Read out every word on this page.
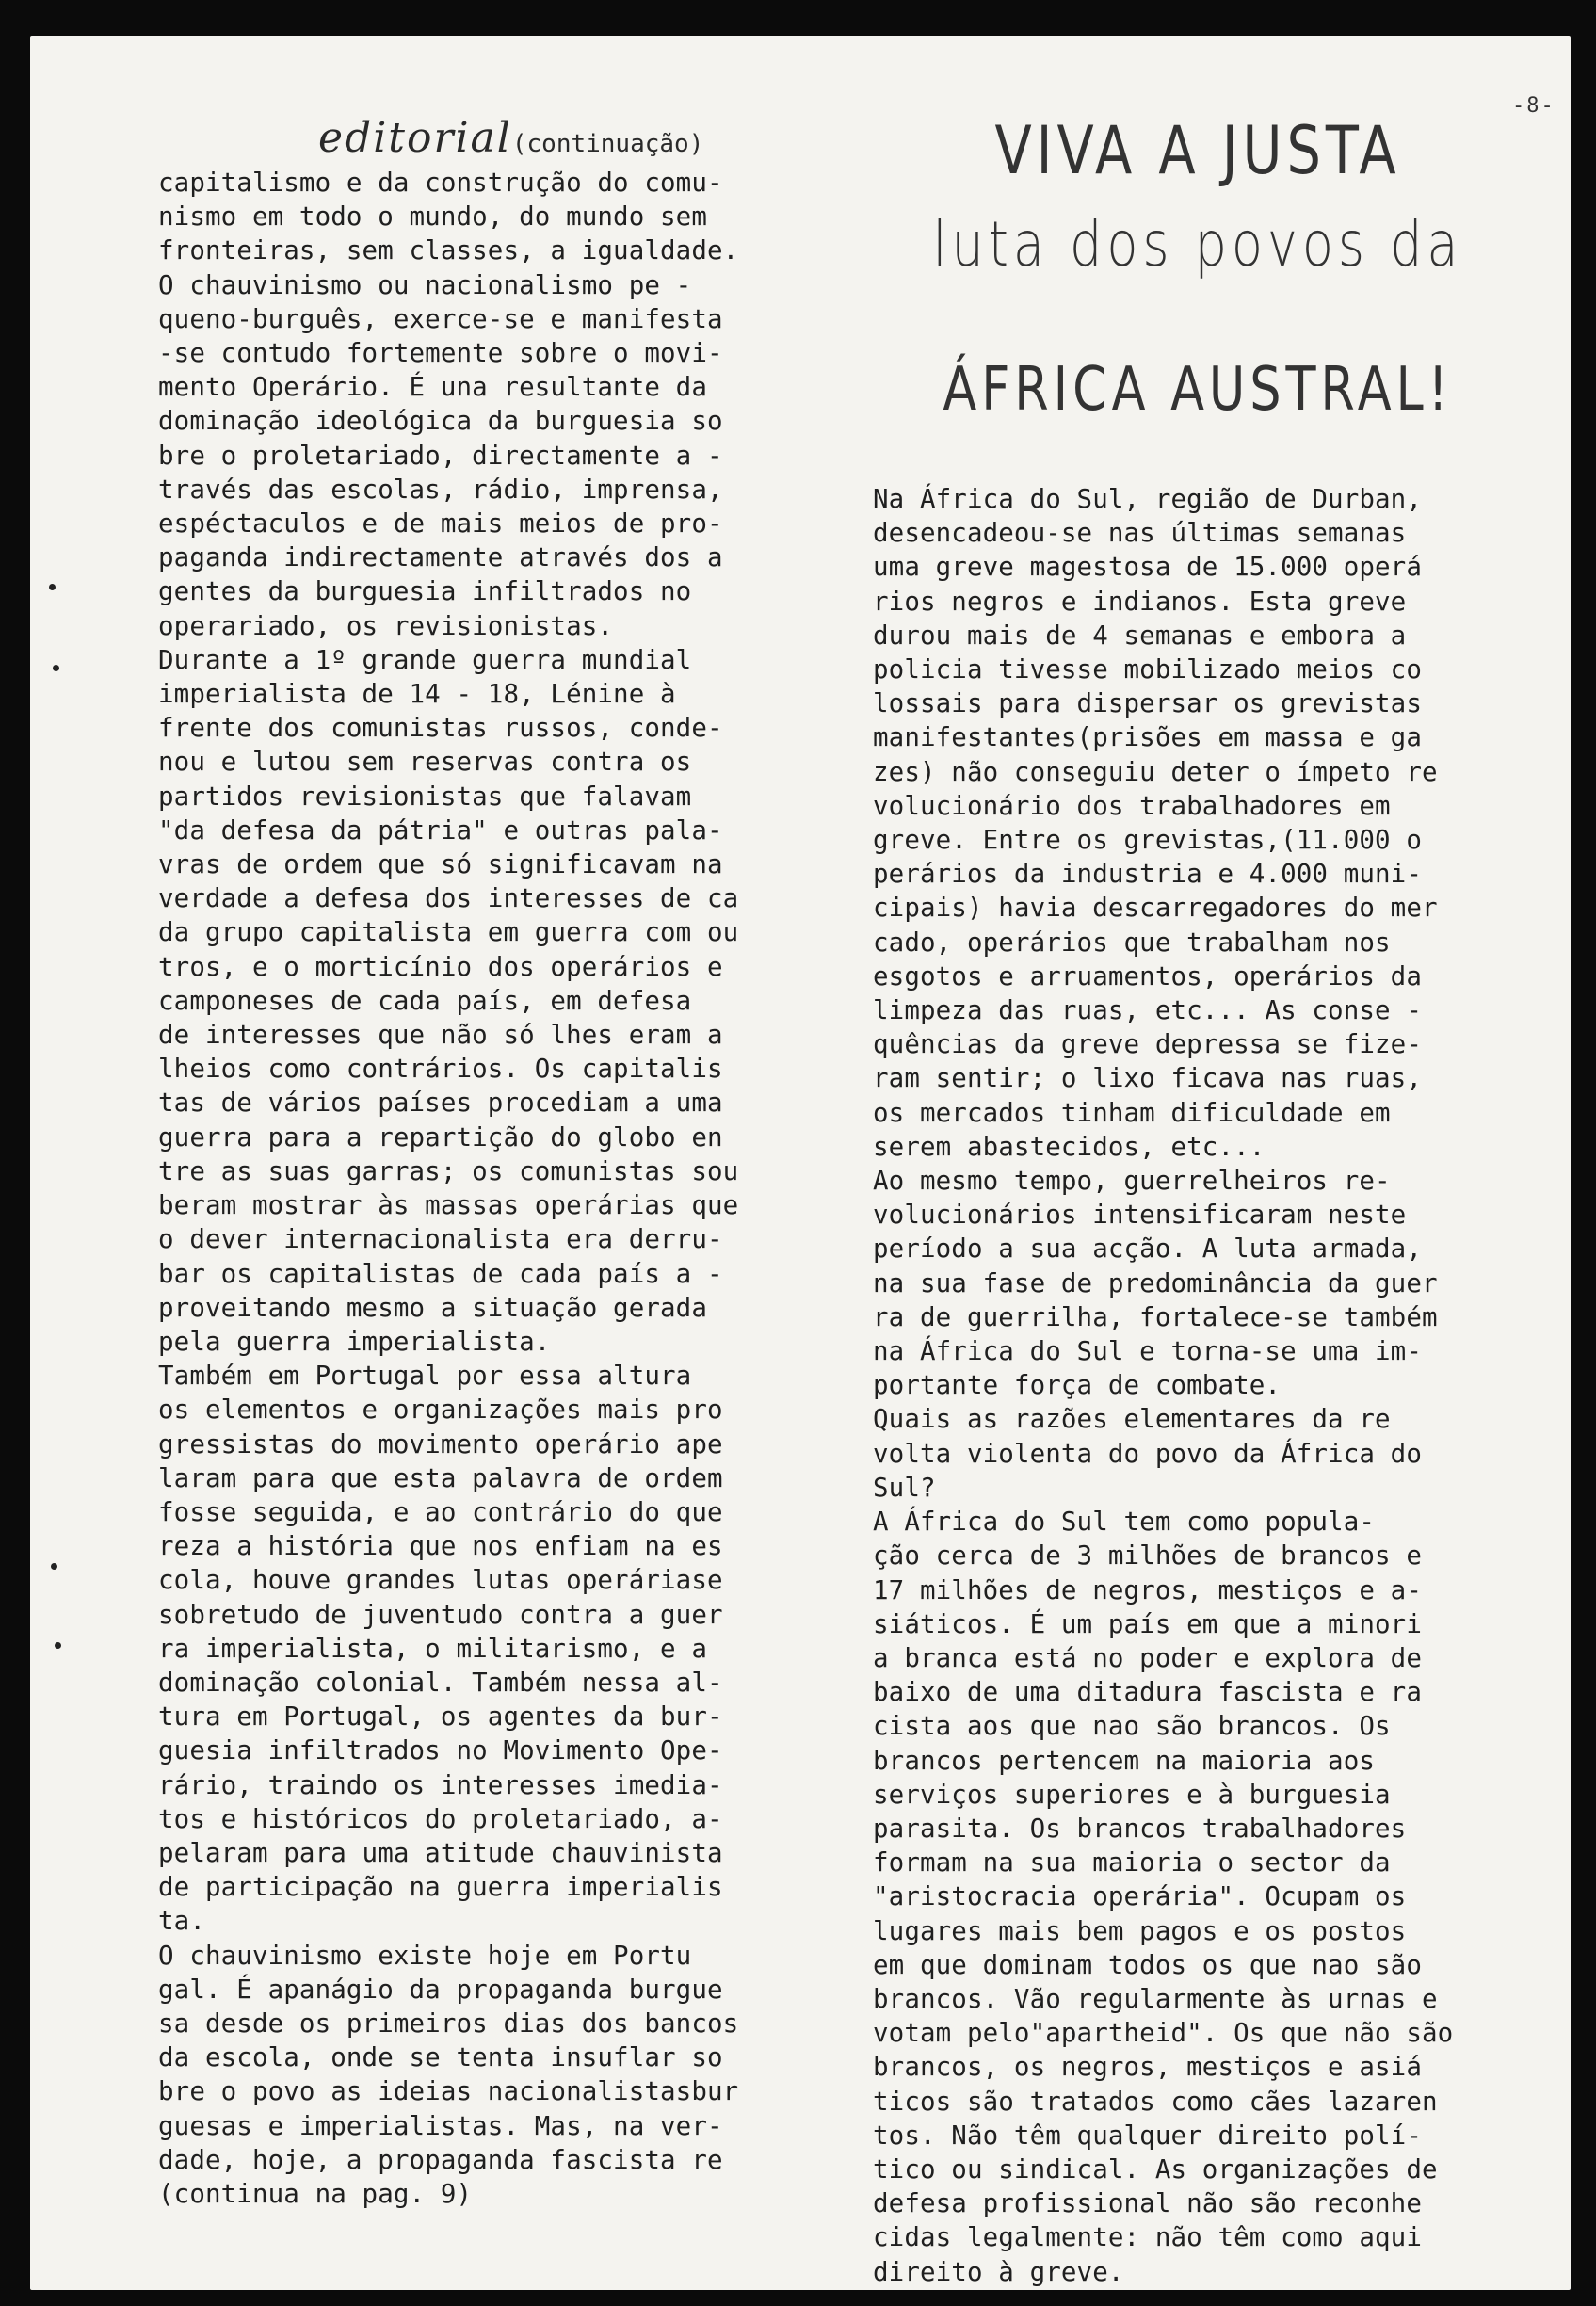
-8-
editorial(continuação)

capitalismo e da construção do comu-

nismo em todo o mundo, do mundo sem

fronteiras, sem classes, a igualdade.

O chauvinismo ou nacionalismo pe -

queno-burguês, exerce-se e manifesta

-se contudo fortemente sobre o movi-

mento Operário. É una resultante da

dominação ideológica da burguesia so

bre o proletariado, directamente a -

través das escolas, rádio, imprensa,

espéctaculos e de mais meios de pro-

paganda indirectamente através dos a

gentes da burguesia infiltrados no

operariado, os revisionistas.

Durante a 1º grande guerra mundial

imperialista de 14 - 18, Lénine à

frente dos comunistas russos, conde-

nou e lutou sem reservas contra os

partidos revisionistas que falavam

"da defesa da pátria" e outras pala-

vras de ordem que só significavam na

verdade a defesa dos interesses de ca

da grupo capitalista em guerra com ou

tros, e o morticínio dos operários e

camponeses de cada país, em defesa

de interesses que não só lhes eram a

lheios como contrários. Os capitalis

tas de vários países procediam a uma

guerra para a repartição do globo en

tre as suas garras; os comunistas sou

beram mostrar às massas operárias que

o dever internacionalista era derru-

bar os capitalistas de cada país a -

proveitando mesmo a situação gerada

pela guerra imperialista.

Também em Portugal por essa altura

os elementos e organizações mais pro

gressistas do movimento operário ape

laram para que esta palavra de ordem

fosse seguida, e ao contrário do que

reza a história que nos enfiam na es

cola, houve grandes lutas operáriase

sobretudo de juventudo contra a guer

ra imperialista, o militarismo, e a

dominação colonial. Também nessa al-

tura em Portugal, os agentes da bur-

guesia infiltrados no Movimento Ope-

rário, traindo os interesses imedia-

tos e históricos do proletariado, a-

pelaram para uma atitude chauvinista

de participação na guerra imperialis

ta.

O chauvinismo existe hoje em Portu

gal. É apanágio da propaganda burgue

sa desde os primeiros dias dos bancos

da escola, onde se tenta insuflar so

bre o povo as ideias nacionalistasbur

guesas e imperialistas. Mas, na ver-

dade, hoje, a propaganda fascista re

(continua na pag. 9)

VIVA A JUSTA
luta dos povos da
ÁFRICA AUSTRAL!

Na África do Sul, região de Durban,

desencadeou-se nas últimas semanas

uma greve magestosa de 15.000 operá

rios negros e indianos. Esta greve

durou mais de 4 semanas e embora a

policia tivesse mobilizado meios co

lossais para dispersar os grevistas

manifestantes(prisões em massa e ga

zes) não conseguiu deter o ímpeto re

volucionário dos trabalhadores em

greve. Entre os grevistas,(11.000 o

perários da industria e 4.000 muni-

cipais) havia descarregadores do mer

cado, operários que trabalham nos

esgotos e arruamentos, operários da

limpeza das ruas, etc... As conse -

quências da greve depressa se fize-

ram sentir; o lixo ficava nas ruas,

os mercados tinham dificuldade em

serem abastecidos, etc...

Ao mesmo tempo, guerrelheiros re-

volucionários intensificaram neste

período a sua acção. A luta armada,

na sua fase de predominância da guer

ra de guerrilha, fortalece-se também

na África do Sul e torna-se uma im-

portante força de combate.

Quais as razões elementares da re

volta violenta do povo da África do

Sul?

A África do Sul tem como popula-

ção cerca de 3 milhões de brancos e

17 milhões de negros, mestiços e a-

siáticos. É um país em que a minori

a branca está no poder e explora de

baixo de uma ditadura fascista e ra

cista aos que nao são brancos. Os

brancos pertencem na maioria aos

serviços superiores e à burguesia

parasita. Os brancos trabalhadores

formam na sua maioria o sector da

"aristocracia operária". Ocupam os

lugares mais bem pagos e os postos

em que dominam todos os que nao são

brancos. Vão regularmente às urnas e

votam pelo"apartheid". Os que não são

brancos, os negros, mestiços e asiá

ticos são tratados como cães lazaren

tos. Não têm qualquer direito polí-

tico ou sindical. As organizações de

defesa profissional não são reconhe

cidas legalmente: não têm como aqui

direito à greve.
